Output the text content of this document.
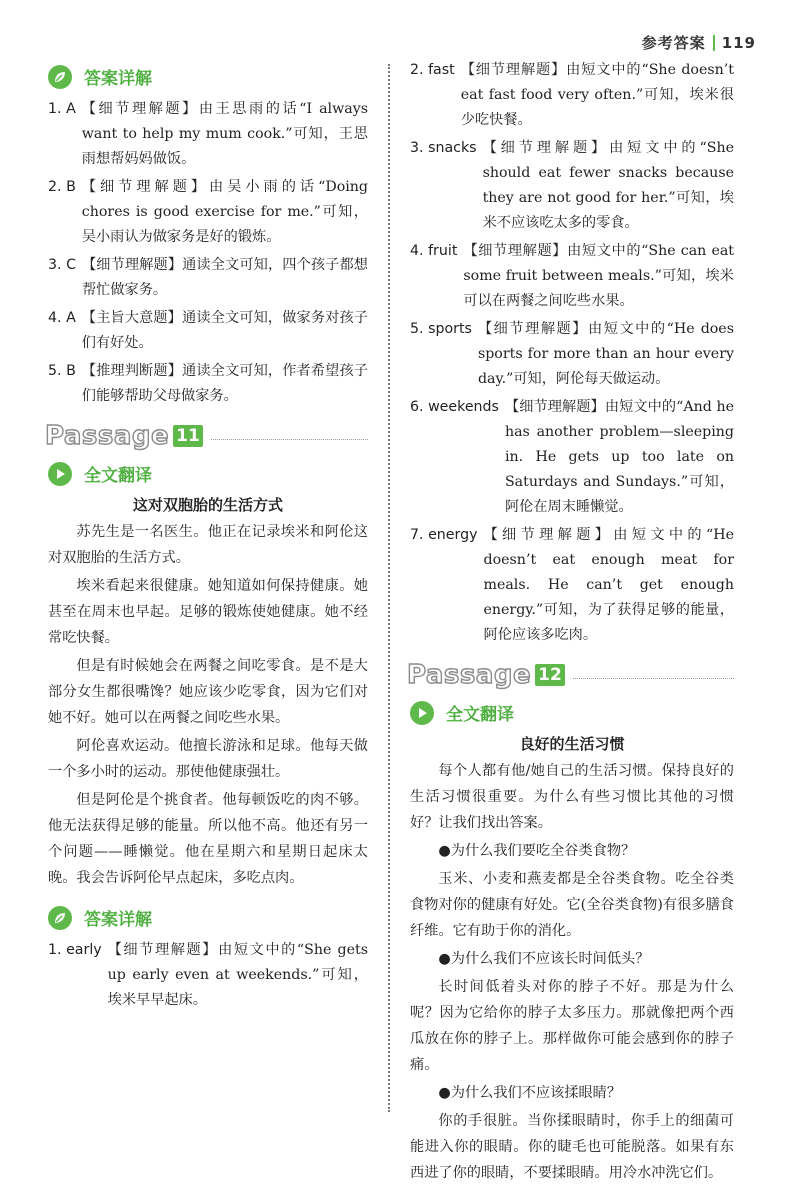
参考答案 119
答案详解
1. A 【细节理解题】由王思雨的话“I always want to help my mum cook.”可知，王思雨想帮妈妈做饭。
2. B 【细节理解题】由吴小雨的话“Doing chores is good exercise for me.”可知，吴小雨认为做家务是好的锻炼。
3. C 【细节理解题】通读全文可知，四个孩子都想帮忙做家务。
4. A 【主旨大意题】通读全文可知，做家务对孩子们有好处。
5. B 【推理判断题】通读全文可知，作者希望孩子们能够帮助父母做家务。
Passage 11
全文翻译
这对双胞胎的生活方式

苏先生是一名医生。他正在记录埃米和阿伦这对双胞胎的生活方式。

埃米看起来很健康。她知道如何保持健康。她甚至在周末也早起。足够的锻炼使她健康。她不经常吃快餐。

但是有时候她会在两餐之间吃零食。是不是大部分女生都很嘴馋？她应该少吃零食，因为它们对她不好。她可以在两餐之间吃些水果。

阿伦喜欢运动。他擅长游泳和足球。他每天做一个多小时的运动。那使他健康强壮。

但是阿伦是个挑食者。他每顿饭吃的肉不够。他无法获得足够的能量。所以他不高。他还有另一个问题——睡懒觉。他在星期六和星期日起床太晚。我会告诉阿伦早点起床，多吃点肉。

答案详解
1. early 【细节理解题】由短文中的“She gets up early even at weekends.”可知，埃米早早起床。
2. fast 【细节理解题】由短文中的“She doesn’t eat fast food very often.”可知，埃米很少吃快餐。
3. snacks 【细节理解题】由短文中的“She should eat fewer snacks because they are not good for her.”可知，埃米不应该吃太多的零食。
4. fruit 【细节理解题】由短文中的“She can eat some fruit between meals.”可知，埃米可以在两餐之间吃些水果。
5. sports 【细节理解题】由短文中的“He does sports for more than an hour every day.”可知，阿伦每天做运动。
6. weekends 【细节理解题】由短文中的“And he has another problem—sleeping in. He gets up too late on Saturdays and Sundays.”可知，阿伦在周末睡懒觉。
7. energy 【细节理解题】由短文中的“He doesn’t eat enough meat for meals. He can’t get enough energy.”可知，为了获得足够的能量，阿伦应该多吃肉。
Passage 12
全文翻译
良好的生活习惯

每个人都有他/她自己的生活习惯。保持良好的生活习惯很重要。为什么有些习惯比其他的习惯好？让我们找出答案。

●为什么我们要吃全谷类食物？

玉米、小麦和燕麦都是全谷类食物。吃全谷类食物对你的健康有好处。它(全谷类食物)有很多膳食纤维。它有助于你的消化。

●为什么我们不应该长时间低头？

长时间低着头对你的脖子不好。那是为什么呢？因为它给你的脖子太多压力。那就像把两个西瓜放在你的脖子上。那样做你可能会感到你的脖子痛。

●为什么我们不应该揉眼睛？

你的手很脏。当你揉眼睛时，你手上的细菌可能进入你的眼睛。你的睫毛也可能脱落。如果有东西进了你的眼睛，不要揉眼睛。用冷水冲洗它们。
